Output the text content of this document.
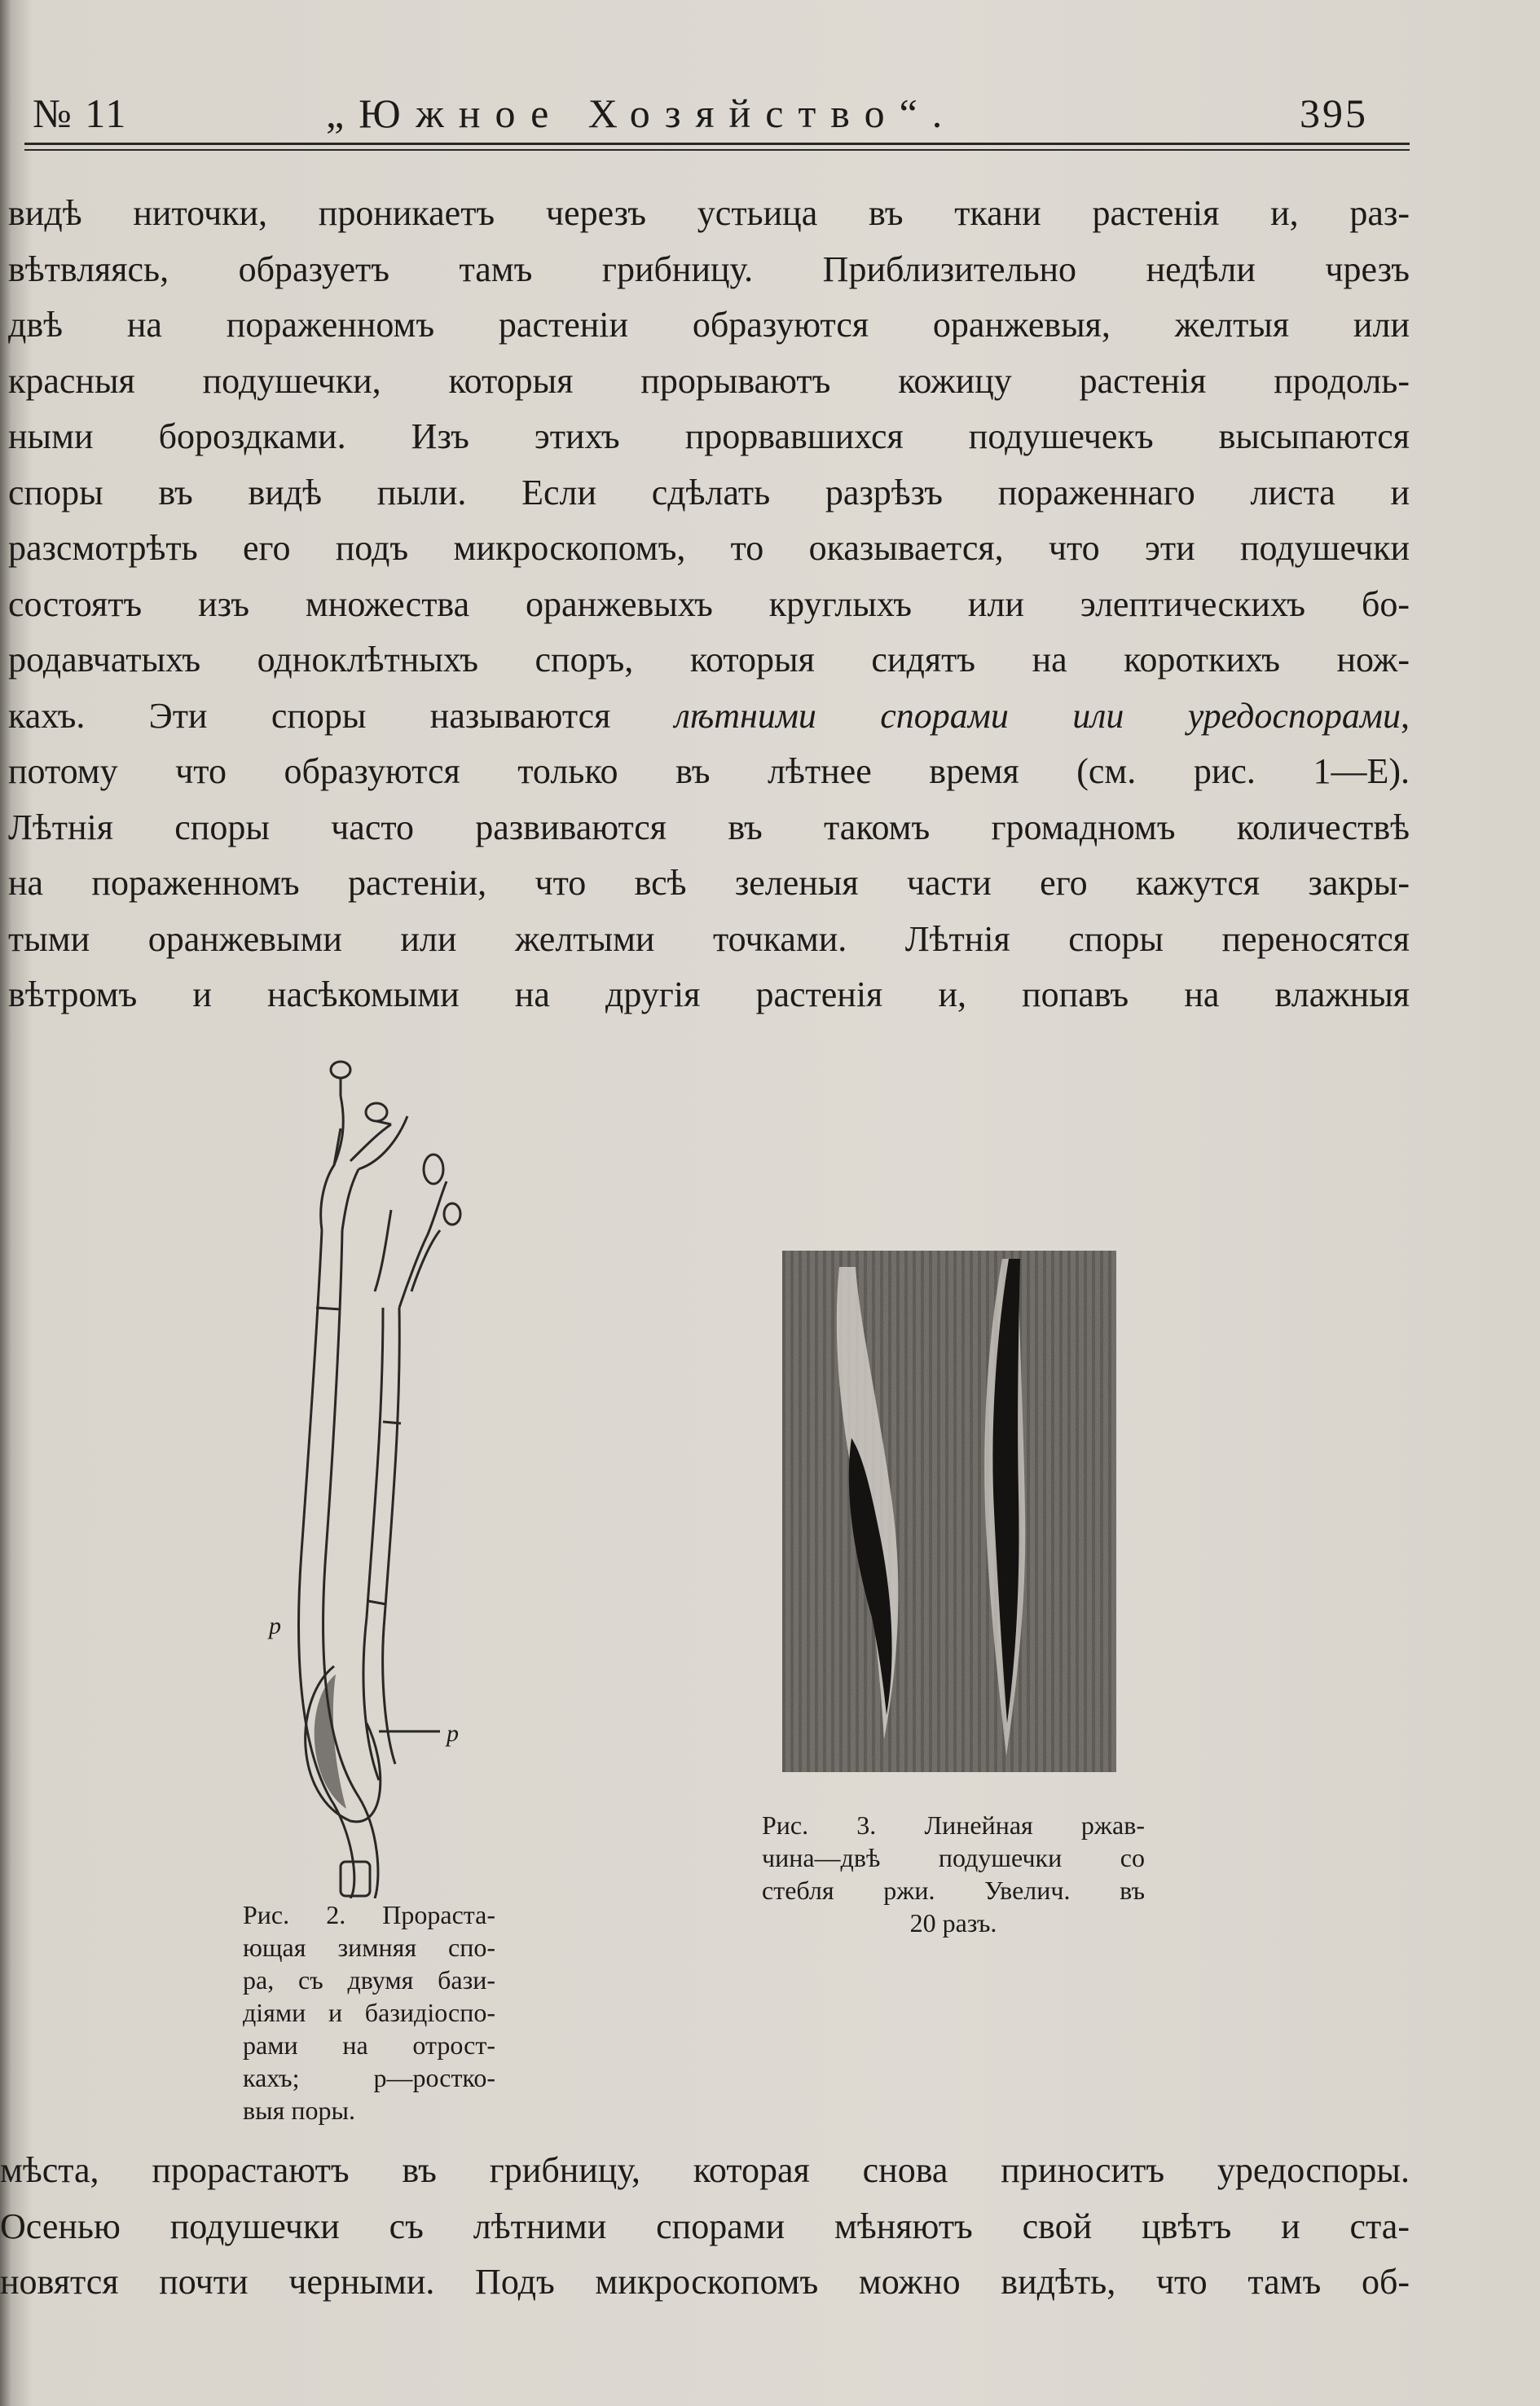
№ 11	„Южное Хозяйство“.	395
видѣ ниточки, проникаетъ черезъ устьица въ ткани растенія и, раз-
вѣтвляясь, образуетъ тамъ грибницу. Приблизительно недѣли чрезъ
двѣ на пораженномъ растеніи образуются оранжевыя, желтыя или
красныя подушечки, которыя прорываютъ кожицу растенія продоль-
ными бороздками. Изъ этихъ прорвавшихся подушечекъ высыпаются
споры въ видѣ пыли. Если сдѣлать разрѣзъ пораженнаго листа и
разсмотрѣть его подъ микроскопомъ, то оказывается, что эти подушечки
состоятъ изъ множества оранжевыхъ круглыхъ или элептическихъ бо-
родавчатыхъ одноклѣтныхъ споръ, которыя сидятъ на короткихъ нож-
кахъ. Эти споры называются лѣтними спорами или уредоспорами,
потому что образуются только въ лѣтнее время (см. рис. 1—Е).
Лѣтнія споры часто развиваются въ такомъ громадномъ количествѣ
на пораженномъ растеніи, что всѣ зеленыя части его кажутся закры-
тыми оранжевыми или желтыми точками. Лѣтнія споры переносятся
вѣтромъ и насѣкомыми на другія растенія и, попавъ на влажныя
p
p
Рис. 2. Прораста-
ющая зимняя спо-
ра, съ двумя бази-
діями и базидіоспо-
рами на отрост-
кахъ; р—ростко-
выя поры.
Рис. 3. Линейная ржав-
чина—двѣ подушечки со
стебля ржи. Увелич. въ
20 разъ.
мѣста, прорастаютъ въ грибницу, которая снова приноситъ уредоспоры.
Осенью подушечки съ лѣтними спорами мѣняютъ свой цвѣтъ и ста-
новятся почти черными. Подъ микроскопомъ можно видѣть, что тамъ об-
